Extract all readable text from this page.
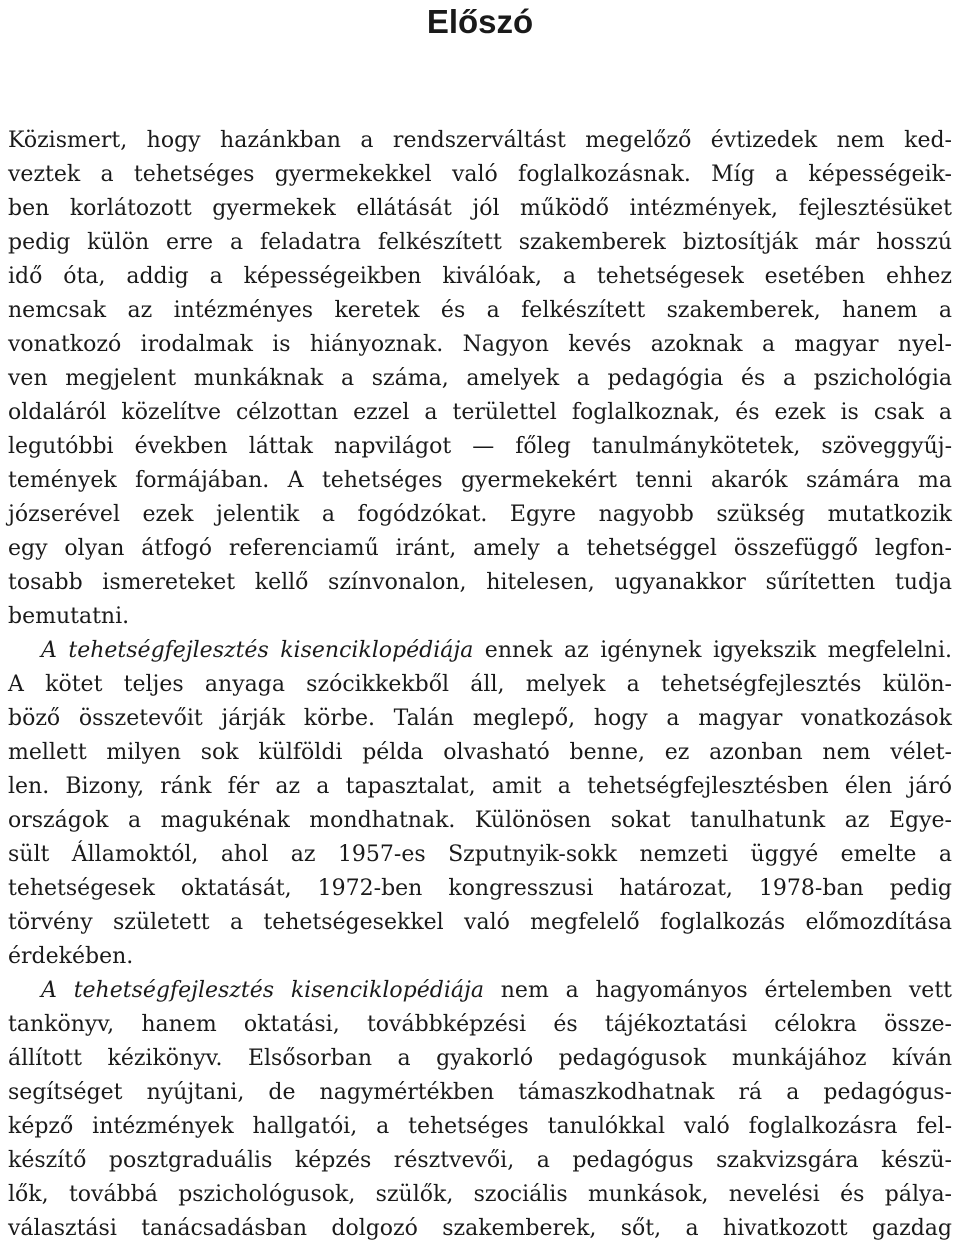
Előszó
Közismert, hogy hazánkban a rendszerváltást megelőző évtizedek nem ked-
veztek a tehetséges gyermekekkel való foglalkozásnak. Míg a képességeik-
ben korlátozott gyermekek ellátását jól működő intézmények, fejlesztésüket
pedig külön erre a feladatra felkészített szakemberek biztosítják már hosszú
idő óta, addig a képességeikben kiválóak, a tehetségesek esetében ehhez
nemcsak az intézményes keretek és a felkészített szakemberek, hanem a
vonatkozó irodalmak is hiányoznak. Nagyon kevés azoknak a magyar nyel-
ven megjelent munkáknak a száma, amelyek a pedagógia és a pszichológia
oldaláról közelítve célzottan ezzel a területtel foglalkoznak, és ezek is csak a
legutóbbi években láttak napvilágot — főleg tanulmánykötetek, szöveggyűj-
temények formájában. A tehetséges gyermekekért tenni akarók számára ma
józserével ezek jelentik a fogódzókat. Egyre nagyobb szükség mutatkozik
egy olyan átfogó referenciamű iránt, amely a tehetséggel összefüggő legfon-
tosabb ismereteket kellő színvonalon, hitelesen, ugyanakkor sűrítetten tudja
bemutatni.
A tehetségfejlesztés kisenciklopédiája ennek az igénynek igyekszik megfelelni.
A kötet teljes anyaga szócikkekből áll, melyek a tehetségfejlesztés külön-
böző összetevőit járják körbe. Talán meglepő, hogy a magyar vonatkozások
mellett milyen sok külföldi példa olvasható benne, ez azonban nem vélet-
len. Bizony, ránk fér az a tapasztalat, amit a tehetségfejlesztésben élen járó
országok a magukénak mondhatnak. Különösen sokat tanulhatunk az Egye-
sült Államoktól, ahol az 1957-es Szputnyik-sokk nemzeti üggyé emelte a
tehetségesek oktatását, 1972-ben kongresszusi határozat, 1978-ban pedig
törvény született a tehetségesekkel való megfelelő foglalkozás előmozdítása
érdekében.
A tehetségfejlesztés kisenciklopédiája nem a hagyományos értelemben vett
tankönyv, hanem oktatási, továbbképzési és tájékoztatási célokra össze-
állított kézikönyv. Elsősorban a gyakorló pedagógusok munkájához kíván
segítséget nyújtani, de nagymértékben támaszkodhatnak rá a pedagógus-
képző intézmények hallgatói, a tehetséges tanulókkal való foglalkozásra fel-
készítő posztgraduális képzés résztvevői, a pedagógus szakvizsgára készü-
lők, továbbá pszichológusok, szülők, szociális munkások, nevelési és pálya-
választási tanácsadásban dolgozó szakemberek, sőt, a hivatkozott gazdag
